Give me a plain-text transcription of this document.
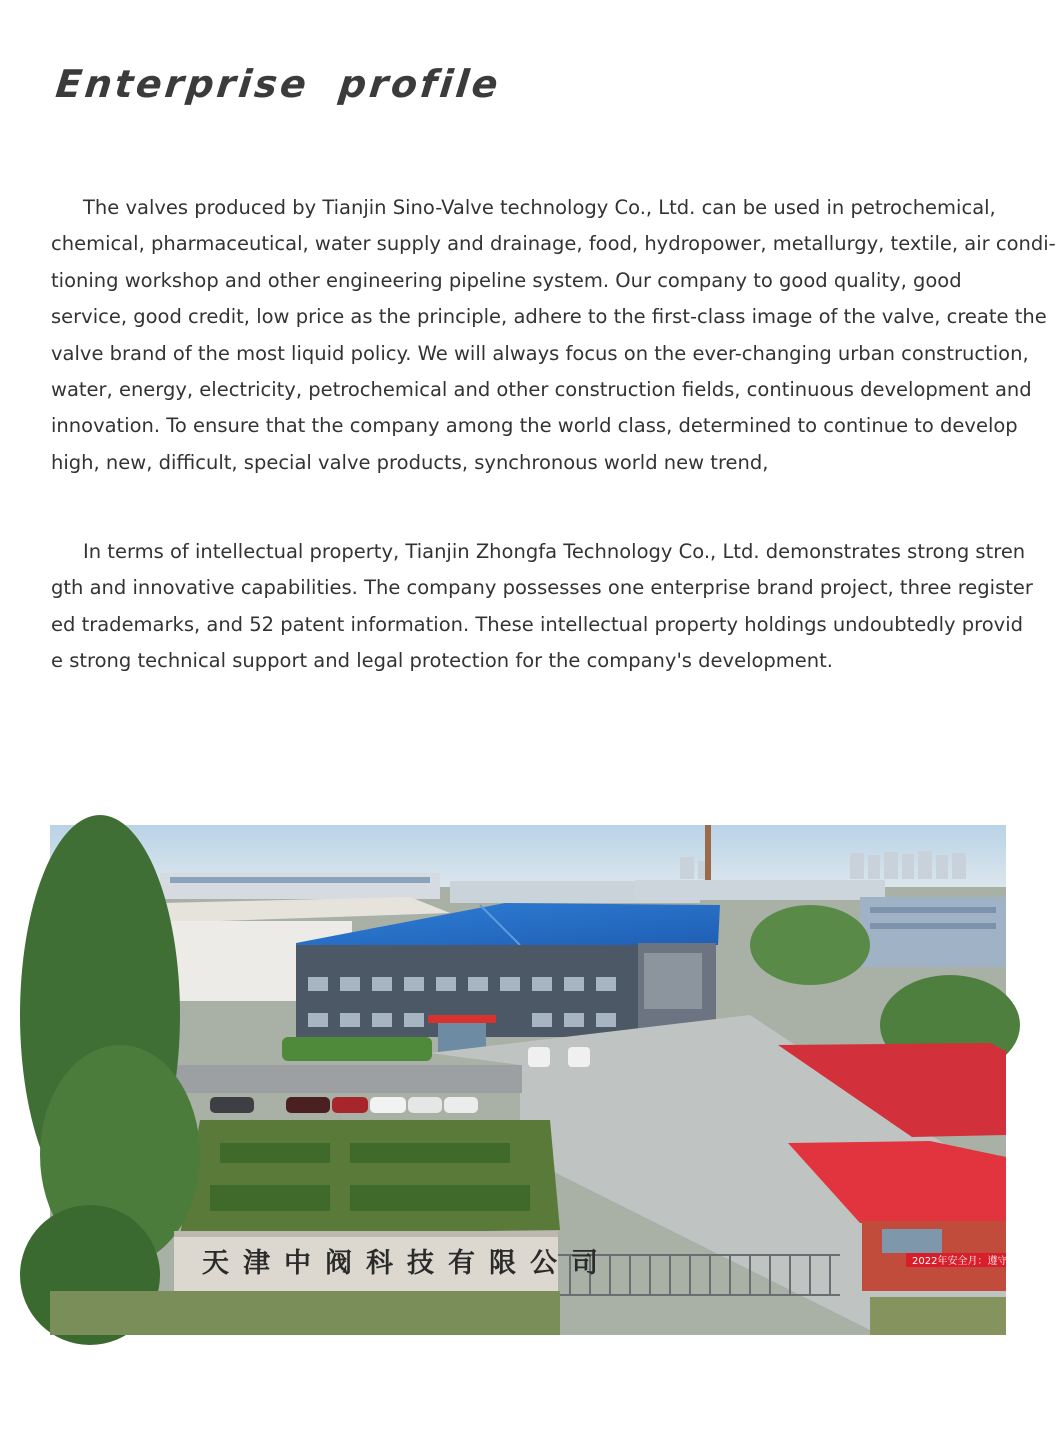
Enterprise profile
The valves produced by Tianjin Sino-Valve technology Co., Ltd. can be used in petrochemical,
chemical, pharmaceutical, water supply and drainage, food, hydropower, metallurgy, textile, air condi-
tioning workshop and other engineering pipeline system. Our company to good quality, good
service, good credit, low price as the principle, adhere to the first-class image of the valve, create the
valve brand of the most liquid policy. We will always focus on the ever-changing urban construction,
water, energy, electricity, petrochemical and other construction fields, continuous development and
innovation. To ensure that the company among the world class, determined to continue to develop
high, new, difficult, special valve products, synchronous world new trend,
In terms of intellectual property, Tianjin Zhongfa Technology Co., Ltd. demonstrates strong stren
gth and innovative capabilities. The company possesses one enterprise brand project, three register
ed trademarks, and 52 patent information. These intellectual property holdings undoubtedly provid
e strong technical support and legal protection for the company's development.
2022年安全月：遵守安全生产
天津中阀科技有限公司
